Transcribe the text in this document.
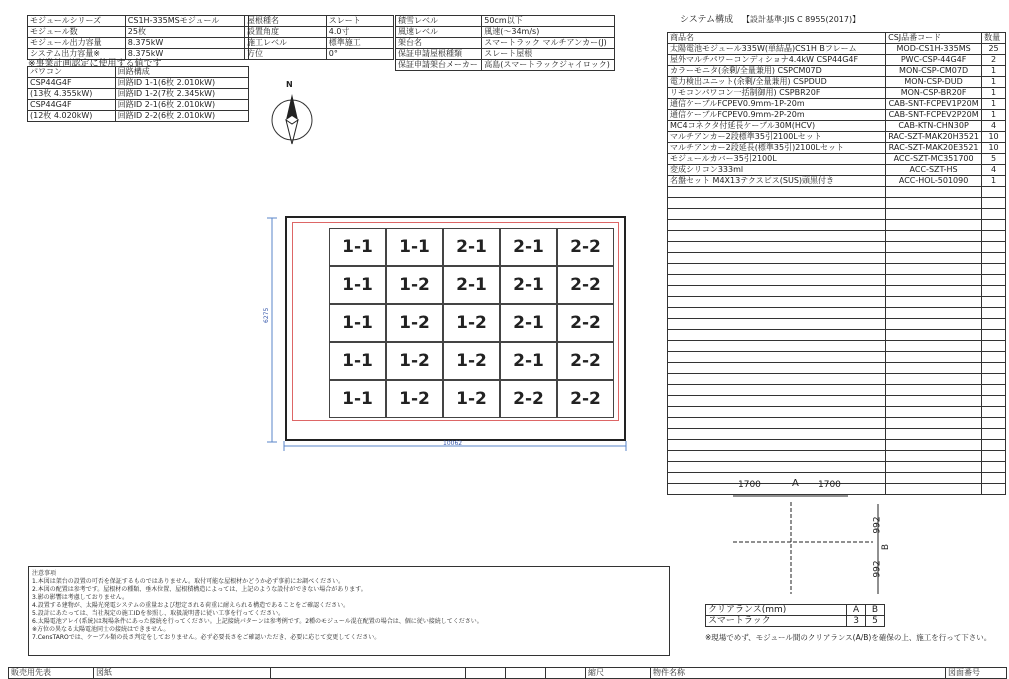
モジュールシリーズ	CS1H-335MSモジュール
モジュール数	25枚
モジュール出力容量	8.375kW
システム出力容量※	8.375kW
※事業計画認定に使用する値です
パワコン	回路構成
CSP44G4F	回路ID 1-1(6枚 2.010kW)
(13枚 4.355kW)	回路ID 1-2(7枚 2.345kW)
CSP44G4F	回路ID 2-1(6枚 2.010kW)
(12枚 4.020kW)	回路ID 2-2(6枚 2.010kW)
屋根種名	スレート
設置角度	4.0寸
施工レベル	標準施工
方位	0°
積雪レベル	50cm以下
風速レベル	風速(〜34m/s)
架台名	スマートラック マルチアンカー(J)
保証申請屋根種類	スレート屋根
保証申請架台メーカー	高島(スマートラックジャイロック)
N
1-1	1-1	2-1	2-1	2-2
1-1	1-2	2-1	2-1	2-2
1-1	1-2	1-2	2-1	2-2
1-1	1-2	1-2	2-1	2-2
1-1	1-2	1-2	2-2	2-2
6275
10062
システム構成 【設計基準:JIS C 8955(2017)】
商品名	CSJ品番コード	数量
太陽電池モジュール335W(単結晶)CS1H Bフレーム	MOD-CS1H-335MS	25
屋外マルチパワーコンディショナ4.4kW CSP44G4F	PWC-CSP-44G4F	2
カラーモニタ(余剰/全量兼用) CSPCM07D	MON-CSP-CM07D	1
電力検出ユニット(余剰/全量兼用) CSPDUD	MON-CSP-DUD	1
リモコンパワコン一括制御用) CSPBR20F	MON-CSP-BR20F	1
通信ケーブルFCPEV0.9mm-1P-20m	CAB-SNT-FCPEV1P20M	1
通信ケーブルFCPEV0.9mm-2P-20m	CAB-SNT-FCPEV2P20M	1
MC4コネクタ付延長ケーブル30M(HCV)	CAB-KTN-CHN30P	4
マルチアンカー2段標準35引2100Lセット	RAC-SZT-MAK20H3521	10
マルチアンカー2段延長(標準35引)2100Lセット	RAC-SZT-MAK20E3521	10
モジュールカバー35引2100L	ACC-SZT-MC351700	5
変成シリコン333ml	ACC-SZT-HS	4
名盤セット M4X13テクスビス(SUS)頭黒付き	ACC-HOL-501090	1

1700	A 1700
992
B
992
クリアランス(mm)	A	B
スマートラック	3	5
※現場でめず、モジュール間のクリアランス(A/B)を確保の上、施工を行って下さい。
注意事項
1.本図は架台の設置の可否を保証するものではありません。取付可能な屋根材かどうか必ず事前にお調べください。
2.本図の配置は参考です。屋根材の種類、垂木位置、屋根積構造によっては、上記のような設付ができない場合があります。
3.影の影響は考慮しておりません。
4.設置する建物が、太陽光発電システムの重量および想定される荷重に耐えられる構造であることをご確認ください。
5.設計にあたっては、当社規定の施工IDを参照し、取扱説明書に従い工事を行ってください。
6.太陽電池アレイ(系統)は現場条件にあった接続を行ってください。上記接続パターンは参考例です。2種のモジュール混在配置の場合は、個に従い接続してください。
※方位の異なる太陽電池同士の接続はできません。
7.CensTAROでは、ケーブル類の長さ判定をしておりません。必ず必要長さをご確認いただき、必要に応じて変更してください。
販売用先表	図紙					縮尺	物件名称	図面番号
